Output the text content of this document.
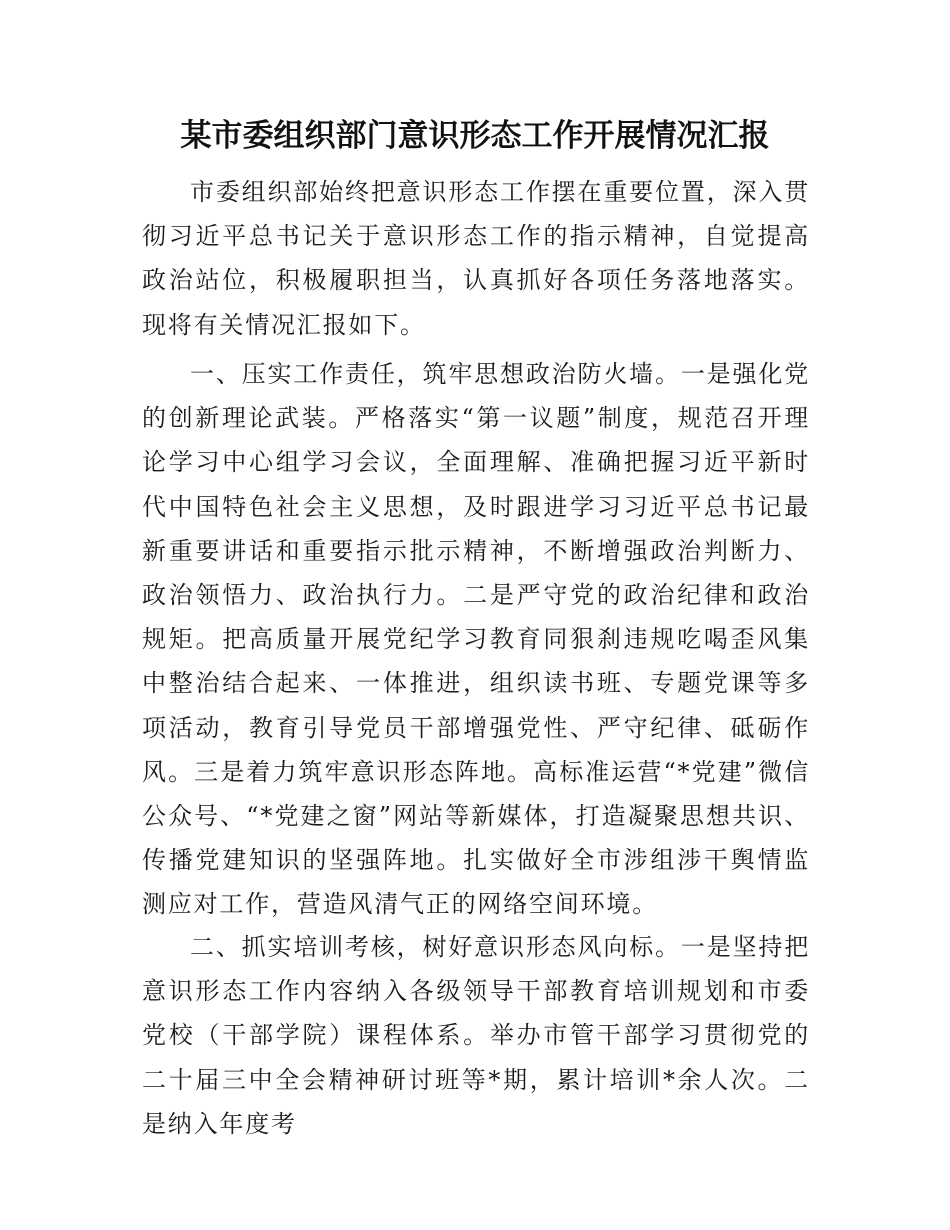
某市委组织部门意识形态工作开展情况汇报

市委组织部始终把意识形态工作摆在重要位置，深入贯彻习近平总书记关于意识形态工作的指示精神，自觉提高政治站位，积极履职担当，认真抓好各项任务落地落实。现将有关情况汇报如下。

一、压实工作责任，筑牢思想政治防火墙。一是强化党的创新理论武装。严格落实“第一议题”制度，规范召开理论学习中心组学习会议，全面理解、准确把握习近平新时代中国特色社会主义思想，及时跟进学习习近平总书记最新重要讲话和重要指示批示精神，不断增强政治判断力、政治领悟力、政治执行力。二是严守党的政治纪律和政治规矩。把高质量开展党纪学习教育同狠刹违规吃喝歪风集中整治结合起来、一体推进，组织读书班、专题党课等多项活动，教育引导党员干部增强党性、严守纪律、砥砺作风。三是着力筑牢意识形态阵地。高标准运营“*党建”微信公众号、“*党建之窗”网站等新媒体，打造凝聚思想共识、传播党建知识的坚强阵地。扎实做好全市涉组涉干舆情监测应对工作，营造风清气正的网络空间环境。

二、抓实培训考核，树好意识形态风向标。一是坚持把意识形态工作内容纳入各级领导干部教育培训规划和市委党校（干部学院）课程体系。举办市管干部学习贯彻党的二十届三中全会精神研讨班等*期，累计培训*余人次。二是纳入年度考
